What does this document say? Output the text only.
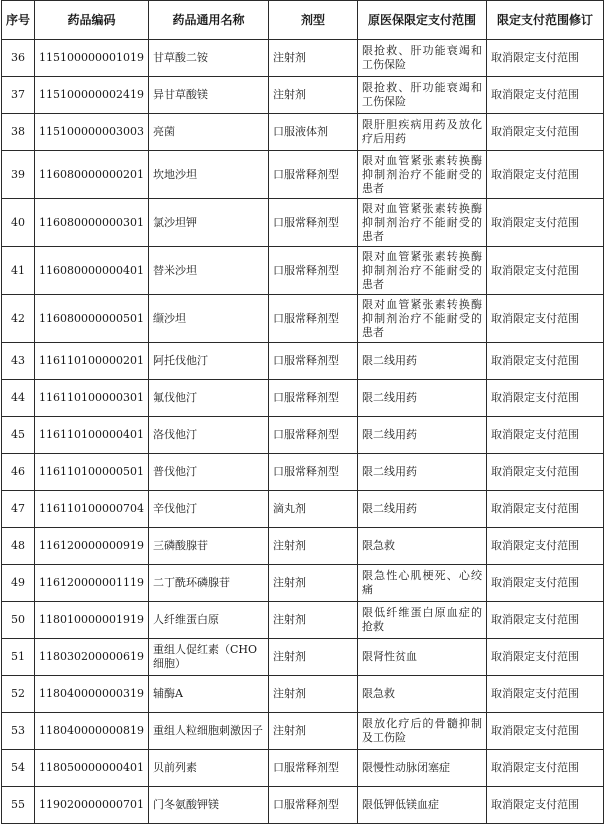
序号	药品编码	药品通用名称	剂型	原医保限定支付范围	限定支付范围修订
36	115100000001019	甘草酸二铵	注射剂	限抢救、肝功能衰竭和工伤保险	取消限定支付范围
37	115100000002419	异甘草酸镁	注射剂	限抢救、肝功能衰竭和工伤保险	取消限定支付范围
38	115100000003003	亮菌	口服液体剂	限肝胆疾病用药及放化疗后用药	取消限定支付范围
39	116080000000201	坎地沙坦	口服常释剂型	限对血管紧张素转换酶抑制剂治疗不能耐受的患者	取消限定支付范围
40	116080000000301	氯沙坦钾	口服常释剂型	限对血管紧张素转换酶抑制剂治疗不能耐受的患者	取消限定支付范围
41	116080000000401	替米沙坦	口服常释剂型	限对血管紧张素转换酶抑制剂治疗不能耐受的患者	取消限定支付范围
42	116080000000501	缬沙坦	口服常释剂型	限对血管紧张素转换酶抑制剂治疗不能耐受的患者	取消限定支付范围
43	116110100000201	阿托伐他汀	口服常释剂型	限二线用药	取消限定支付范围
44	116110100000301	氟伐他汀	口服常释剂型	限二线用药	取消限定支付范围
45	116110100000401	洛伐他汀	口服常释剂型	限二线用药	取消限定支付范围
46	116110100000501	普伐他汀	口服常释剂型	限二线用药	取消限定支付范围
47	116110100000704	辛伐他汀	滴丸剂	限二线用药	取消限定支付范围
48	116120000000919	三磷酸腺苷	注射剂	限急救	取消限定支付范围
49	116120000001119	二丁酰环磷腺苷	注射剂	限急性心肌梗死、心绞痛	取消限定支付范围
50	118010000001919	人纤维蛋白原	注射剂	限低纤维蛋白原血症的抢救	取消限定支付范围
51	118030200000619	重组人促红素（CHO细胞）	注射剂	限肾性贫血	取消限定支付范围
52	118040000000319	辅酶A	注射剂	限急救	取消限定支付范围
53	118040000000819	重组人粒细胞刺激因子	注射剂	限放化疗后的骨髓抑制及工伤险	取消限定支付范围
54	118050000000401	贝前列素	口服常释剂型	限慢性动脉闭塞症	取消限定支付范围
55	119020000000701	门冬氨酸钾镁	口服常释剂型	限低钾低镁血症	取消限定支付范围
